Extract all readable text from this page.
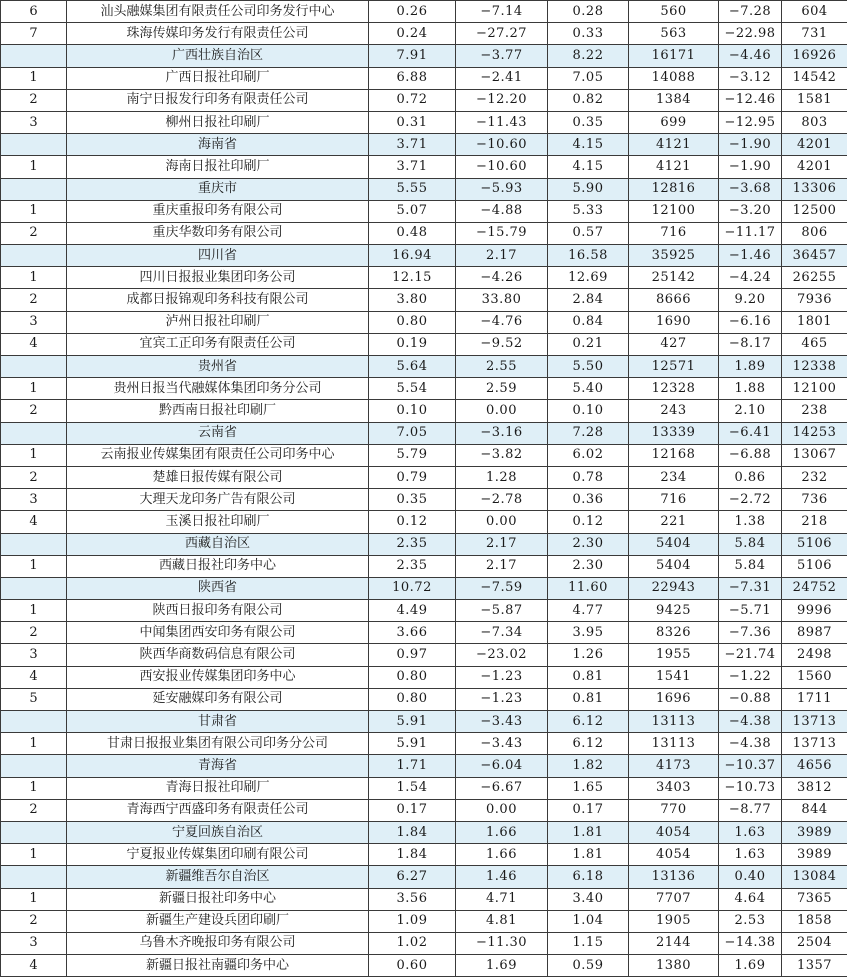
6	汕头融媒集团有限责任公司印务发行中心	0.26	−7.14	0.28	560	−7.28	604
7	珠海传媒印务发行有限责任公司	0.24	−27.27	0.33	563	−22.98	731
	广西壮族自治区	7.91	−3.77	8.22	16171	−4.46	16926
1	广西日报社印刷厂	6.88	−2.41	7.05	14088	−3.12	14542
2	南宁日报发行印务有限责任公司	0.72	−12.20	0.82	1384	−12.46	1581
3	柳州日报社印刷厂	0.31	−11.43	0.35	699	−12.95	803
	海南省	3.71	−10.60	4.15	4121	−1.90	4201
1	海南日报社印刷厂	3.71	−10.60	4.15	4121	−1.90	4201
	重庆市	5.55	−5.93	5.90	12816	−3.68	13306
1	重庆重报印务有限公司	5.07	−4.88	5.33	12100	−3.20	12500
2	重庆华数印务有限公司	0.48	−15.79	0.57	716	−11.17	806
	四川省	16.94	2.17	16.58	35925	−1.46	36457
1	四川日报报业集团印务公司	12.15	−4.26	12.69	25142	−4.24	26255
2	成都日报锦观印务科技有限公司	3.80	33.80	2.84	8666	9.20	7936
3	泸州日报社印刷厂	0.80	−4.76	0.84	1690	−6.16	1801
4	宜宾工正印务有限责任公司	0.19	−9.52	0.21	427	−8.17	465
	贵州省	5.64	2.55	5.50	12571	1.89	12338
1	贵州日报当代融媒体集团印务分公司	5.54	2.59	5.40	12328	1.88	12100
2	黔西南日报社印刷厂	0.10	0.00	0.10	243	2.10	238
	云南省	7.05	−3.16	7.28	13339	−6.41	14253
1	云南报业传媒集团有限责任公司印务中心	5.79	−3.82	6.02	12168	−6.88	13067
2	楚雄日报传媒有限公司	0.79	1.28	0.78	234	0.86	232
3	大理天龙印务广告有限公司	0.35	−2.78	0.36	716	−2.72	736
4	玉溪日报社印刷厂	0.12	0.00	0.12	221	1.38	218
	西藏自治区	2.35	2.17	2.30	5404	5.84	5106
1	西藏日报社印务中心	2.35	2.17	2.30	5404	5.84	5106
	陕西省	10.72	−7.59	11.60	22943	−7.31	24752
1	陕西日报印务有限公司	4.49	−5.87	4.77	9425	−5.71	9996
2	中闻集团西安印务有限公司	3.66	−7.34	3.95	8326	−7.36	8987
3	陕西华商数码信息有限公司	0.97	−23.02	1.26	1955	−21.74	2498
4	西安报业传媒集团印务中心	0.80	−1.23	0.81	1541	−1.22	1560
5	延安融媒印务有限公司	0.80	−1.23	0.81	1696	−0.88	1711
	甘肃省	5.91	−3.43	6.12	13113	−4.38	13713
1	甘肃日报报业集团有限公司印务分公司	5.91	−3.43	6.12	13113	−4.38	13713
	青海省	1.71	−6.04	1.82	4173	−10.37	4656
1	青海日报社印刷厂	1.54	−6.67	1.65	3403	−10.73	3812
2	青海西宁西盛印务有限责任公司	0.17	0.00	0.17	770	−8.77	844
	宁夏回族自治区	1.84	1.66	1.81	4054	1.63	3989
1	宁夏报业传媒集团印刷有限公司	1.84	1.66	1.81	4054	1.63	3989
	新疆维吾尔自治区	6.27	1.46	6.18	13136	0.40	13084
1	新疆日报社印务中心	3.56	4.71	3.40	7707	4.64	7365
2	新疆生产建设兵团印刷厂	1.09	4.81	1.04	1905	2.53	1858
3	乌鲁木齐晚报印务有限公司	1.02	−11.30	1.15	2144	−14.38	2504
4	新疆日报社南疆印务中心	0.60	1.69	0.59	1380	1.69	1357
